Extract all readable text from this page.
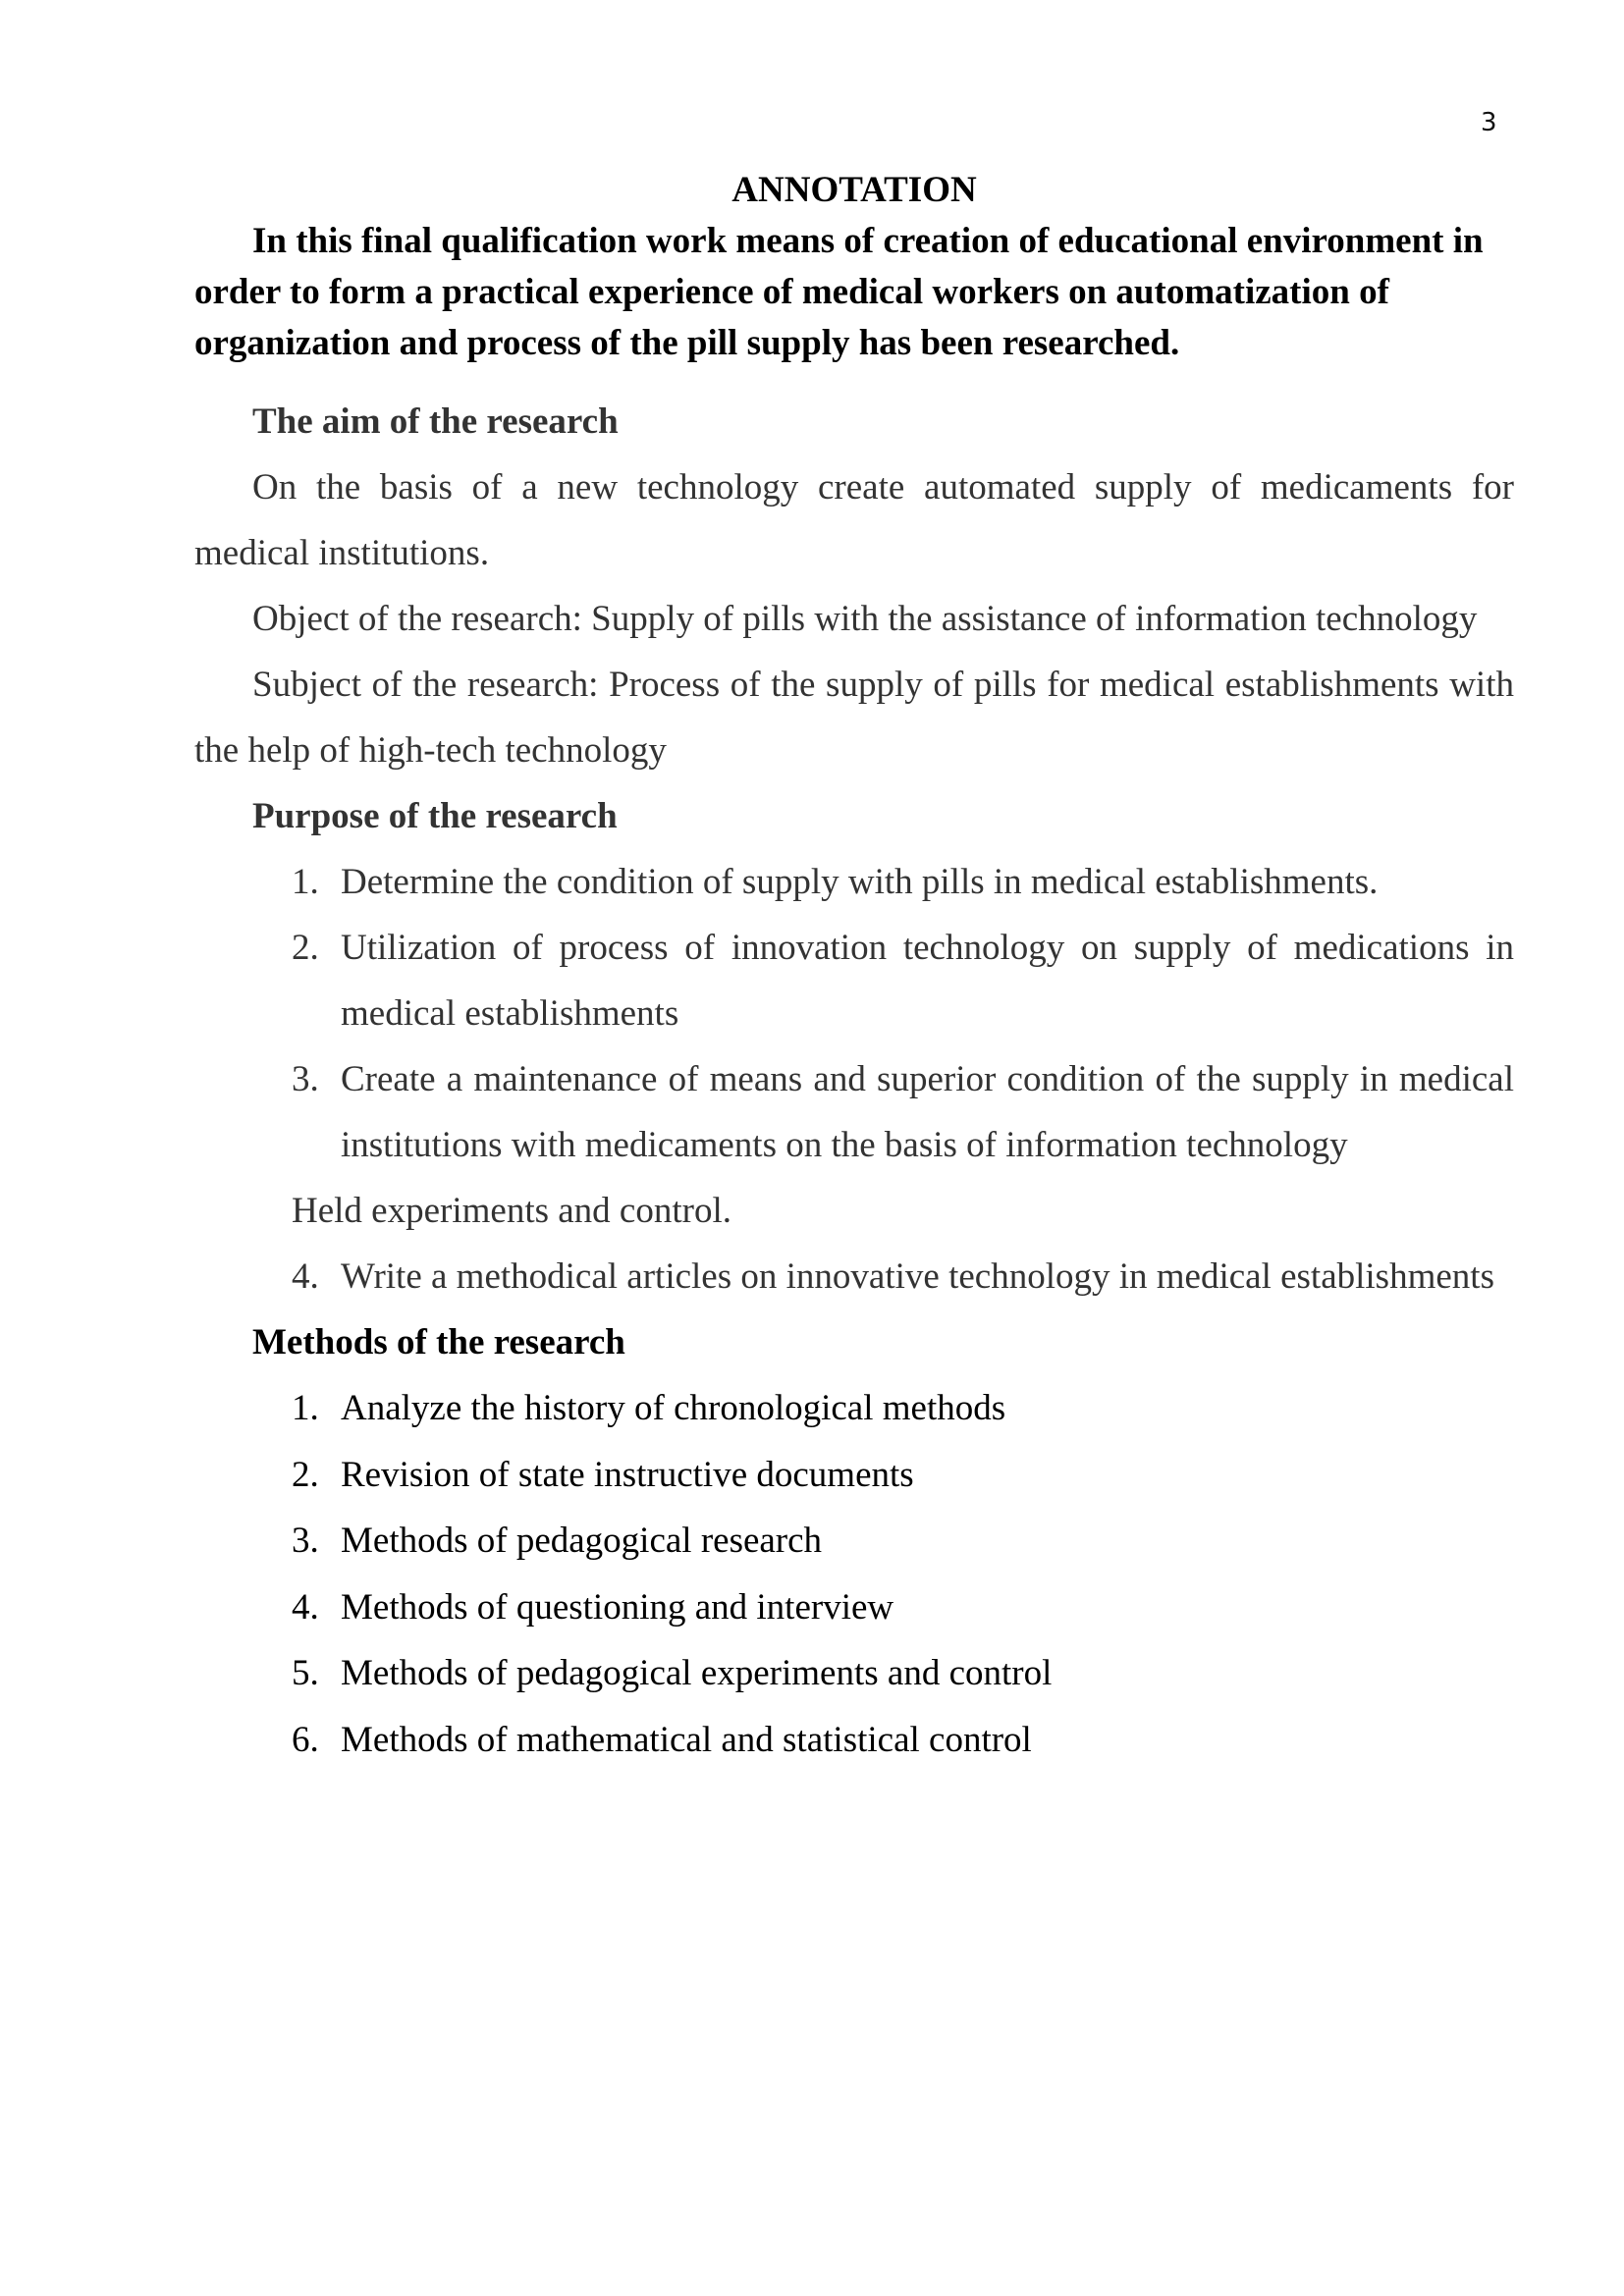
3
ANNOTATION

In this final qualification work means of creation of educational environment in order to form a practical experience of medical workers on automatization of organization and process of the pill supply has been researched.

The aim of the research

On the basis of a new technology create automated supply of medicaments for medical institutions.

Object of the research: Supply of pills with the assistance of information technology

Subject of the research: Process of the supply of pills for medical establishments with the help of high-tech technology

Purpose of the research
1. Determine the condition of supply with pills in medical establishments.
2. Utilization of process of innovation technology on supply of medications in medical establishments
3. Create a maintenance of means and superior condition of the supply in medical institutions with medicaments on the basis of information technology

Held experiments and control.

4. Write a methodical articles on innovative technology in medical establishments
Methods of the research
1. Analyze the history of chronological methods
2. Revision of state instructive documents
3. Methods of pedagogical research
4. Methods of questioning and interview
5. Methods of pedagogical experiments and control
6. Methods of mathematical and statistical control
